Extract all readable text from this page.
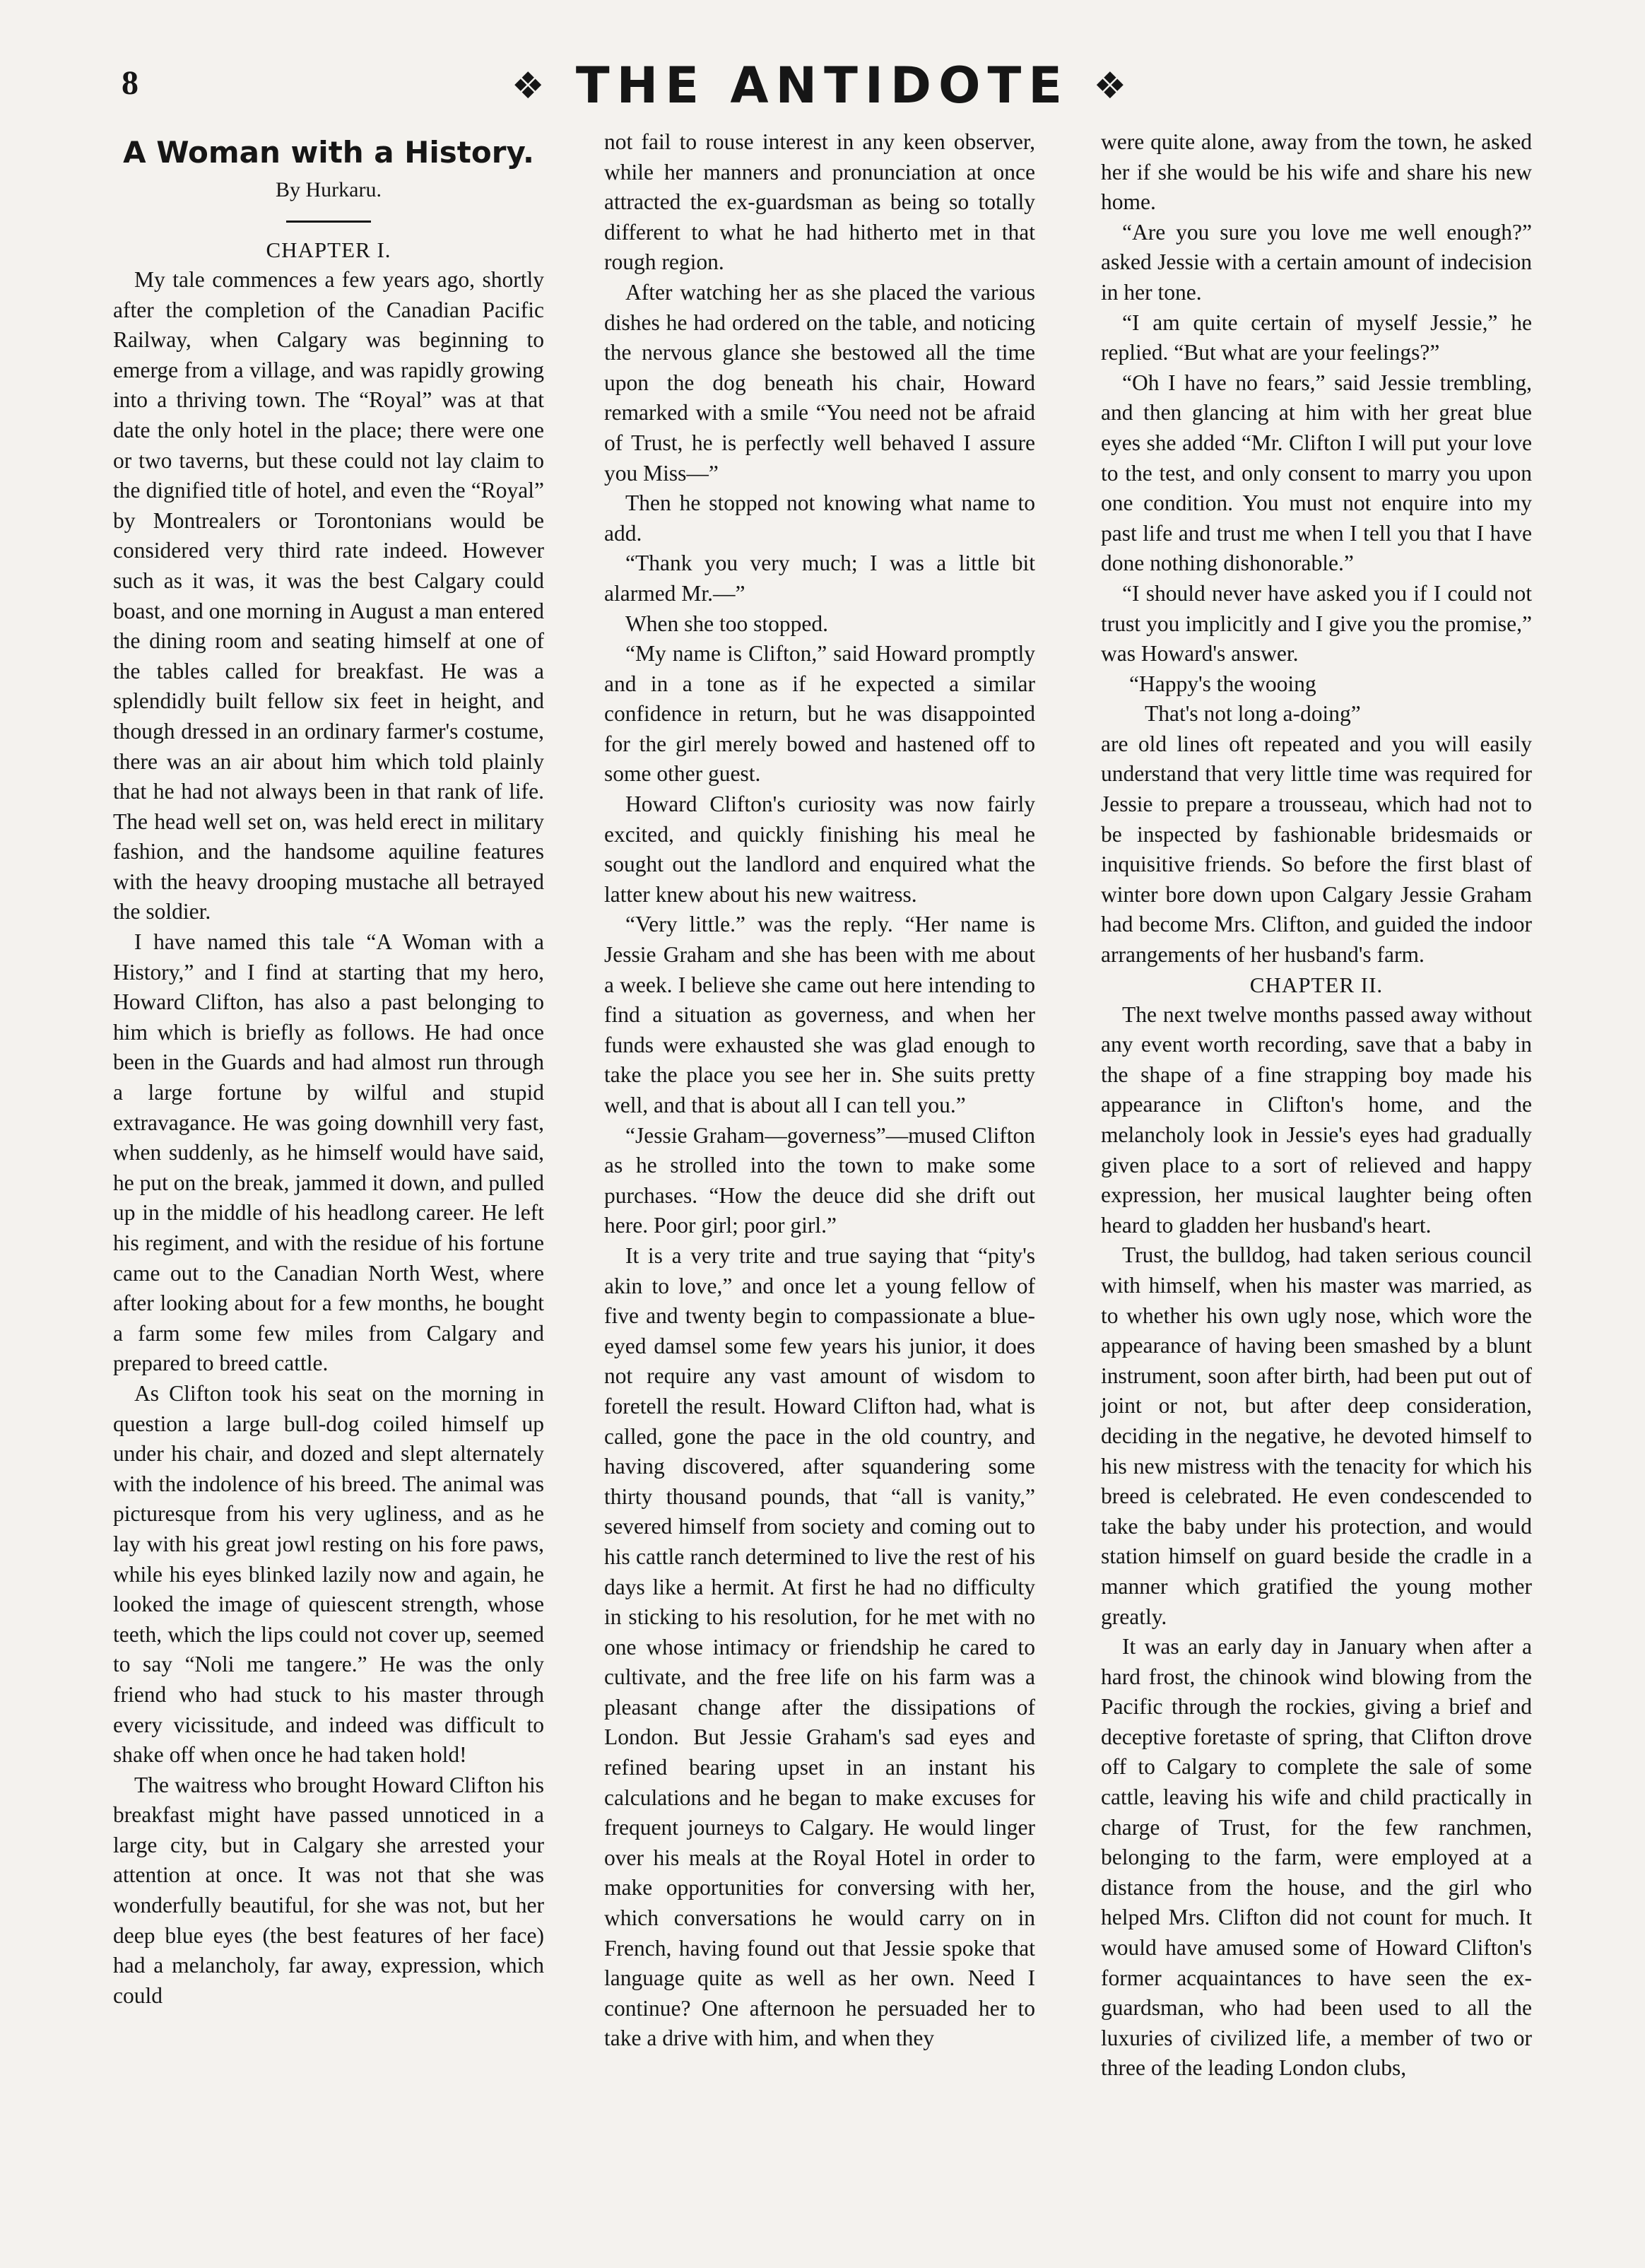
8	❖ THE ANTIDOTE ❖
A Woman with a History.
By Hurkaru.
CHAPTER I.

My tale commences a few years ago, shortly after the completion of the Canadian Pacific Railway, when Calgary was beginning to emerge from a village, and was rapidly growing into a thriving town. The “Royal” was at that date the only hotel in the place; there were one or two taverns, but these could not lay claim to the dignified title of hotel, and even the “Royal” by Montrealers or Torontonians would be considered very third rate indeed. However such as it was, it was the best Calgary could boast, and one morning in August a man entered the dining room and seating himself at one of the tables called for breakfast. He was a splendidly built fellow six feet in height, and though dressed in an ordinary farmer's costume, there was an air about him which told plainly that he had not always been in that rank of life. The head well set on, was held erect in military fashion, and the handsome aquiline features with the heavy drooping mustache all betrayed the soldier.

I have named this tale “A Woman with a History,” and I find at starting that my hero, Howard Clifton, has also a past belonging to him which is briefly as follows. He had once been in the Guards and had almost run through a large fortune by wilful and stupid extravagance. He was going downhill very fast, when suddenly, as he himself would have said, he put on the break, jammed it down, and pulled up in the middle of his headlong career. He left his regiment, and with the residue of his fortune came out to the Canadian North West, where after looking about for a few months, he bought a farm some few miles from Calgary and prepared to breed cattle.

As Clifton took his seat on the morning in question a large bull-dog coiled himself up under his chair, and dozed and slept alternately with the indolence of his breed. The animal was picturesque from his very ugliness, and as he lay with his great jowl resting on his fore paws, while his eyes blinked lazily now and again, he looked the image of quiescent strength, whose teeth, which the lips could not cover up, seemed to say “Noli me tangere.” He was the only friend who had stuck to his master through every vicissitude, and indeed was difficult to shake off when once he had taken hold!

The waitress who brought Howard Clifton his breakfast might have passed unnoticed in a large city, but in Calgary she arrested your attention at once. It was not that she was wonderfully beautiful, for she was not, but her deep blue eyes (the best features of her face) had a melancholy, far away, expression, which could

not fail to rouse interest in any keen observer, while her manners and pronunciation at once attracted the ex-guardsman as being so totally different to what he had hitherto met in that rough region.

After watching her as she placed the various dishes he had ordered on the table, and noticing the nervous glance she bestowed all the time upon the dog beneath his chair, Howard remarked with a smile “You need not be afraid of Trust, he is perfectly well behaved I assure you Miss—”

Then he stopped not knowing what name to add.

“Thank you very much; I was a little bit alarmed Mr.—”

When she too stopped.

“My name is Clifton,” said Howard promptly and in a tone as if he expected a similar confidence in return, but he was disappointed for the girl merely bowed and hastened off to some other guest.

Howard Clifton's curiosity was now fairly excited, and quickly finishing his meal he sought out the landlord and enquired what the latter knew about his new waitress.

“Very little.” was the reply. “Her name is Jessie Graham and she has been with me about a week. I believe she came out here intending to find a situation as governess, and when her funds were exhausted she was glad enough to take the place you see her in. She suits pretty well, and that is about all I can tell you.”

“Jessie Graham—governess”—mused Clifton as he strolled into the town to make some purchases. “How the deuce did she drift out here. Poor girl; poor girl.”

It is a very trite and true saying that “pity's akin to love,” and once let a young fellow of five and twenty begin to compassionate a blue-eyed damsel some few years his junior, it does not require any vast amount of wisdom to foretell the result. Howard Clifton had, what is called, gone the pace in the old country, and having discovered, after squandering some thirty thousand pounds, that “all is vanity,” severed himself from society and coming out to his cattle ranch determined to live the rest of his days like a hermit. At first he had no difficulty in sticking to his resolution, for he met with no one whose intimacy or friendship he cared to cultivate, and the free life on his farm was a pleasant change after the dissipations of London. But Jessie Graham's sad eyes and refined bearing upset in an instant his calculations and he began to make excuses for frequent journeys to Calgary. He would linger over his meals at the Royal Hotel in order to make opportunities for conversing with her, which conversations he would carry on in French, having found out that Jessie spoke that language quite as well as her own. Need I continue? One afternoon he persuaded her to take a drive with him, and when they

were quite alone, away from the town, he asked her if she would be his wife and share his new home.

“Are you sure you love me well enough?” asked Jessie with a certain amount of indecision in her tone.

“I am quite certain of myself Jessie,” he replied. “But what are your feelings?”

“Oh I have no fears,” said Jessie trembling, and then glancing at him with her great blue eyes she added “Mr. Clifton I will put your love to the test, and only consent to marry you upon one condition. You must not enquire into my past life and trust me when I tell you that I have done nothing dishonorable.”

“I should never have asked you if I could not trust you implicitly and I give you the promise,” was Howard's answer.

“Happy's the wooing

That's not long a-doing”

are old lines oft repeated and you will easily understand that very little time was required for Jessie to prepare a trousseau, which had not to be inspected by fashionable bridesmaids or inquisitive friends. So before the first blast of winter bore down upon Calgary Jessie Graham had become Mrs. Clifton, and guided the indoor arrangements of her husband's farm.

CHAPTER II.

The next twelve months passed away without any event worth recording, save that a baby in the shape of a fine strapping boy made his appearance in Clifton's home, and the melancholy look in Jessie's eyes had gradually given place to a sort of relieved and happy expression, her musical laughter being often heard to gladden her husband's heart.

Trust, the bulldog, had taken serious council with himself, when his master was married, as to whether his own ugly nose, which wore the appearance of having been smashed by a blunt instrument, soon after birth, had been put out of joint or not, but after deep consideration, deciding in the negative, he devoted himself to his new mistress with the tenacity for which his breed is celebrated. He even condescended to take the baby under his protection, and would station himself on guard beside the cradle in a manner which gratified the young mother greatly.

It was an early day in January when after a hard frost, the chinook wind blowing from the Pacific through the rockies, giving a brief and deceptive foretaste of spring, that Clifton drove off to Calgary to complete the sale of some cattle, leaving his wife and child practically in charge of Trust, for the few ranchmen, belonging to the farm, were employed at a distance from the house, and the girl who helped Mrs. Clifton did not count for much. It would have amused some of Howard Clifton's former acquaintances to have seen the ex-guardsman, who had been used to all the luxuries of civilized life, a member of two or three of the leading London clubs,
